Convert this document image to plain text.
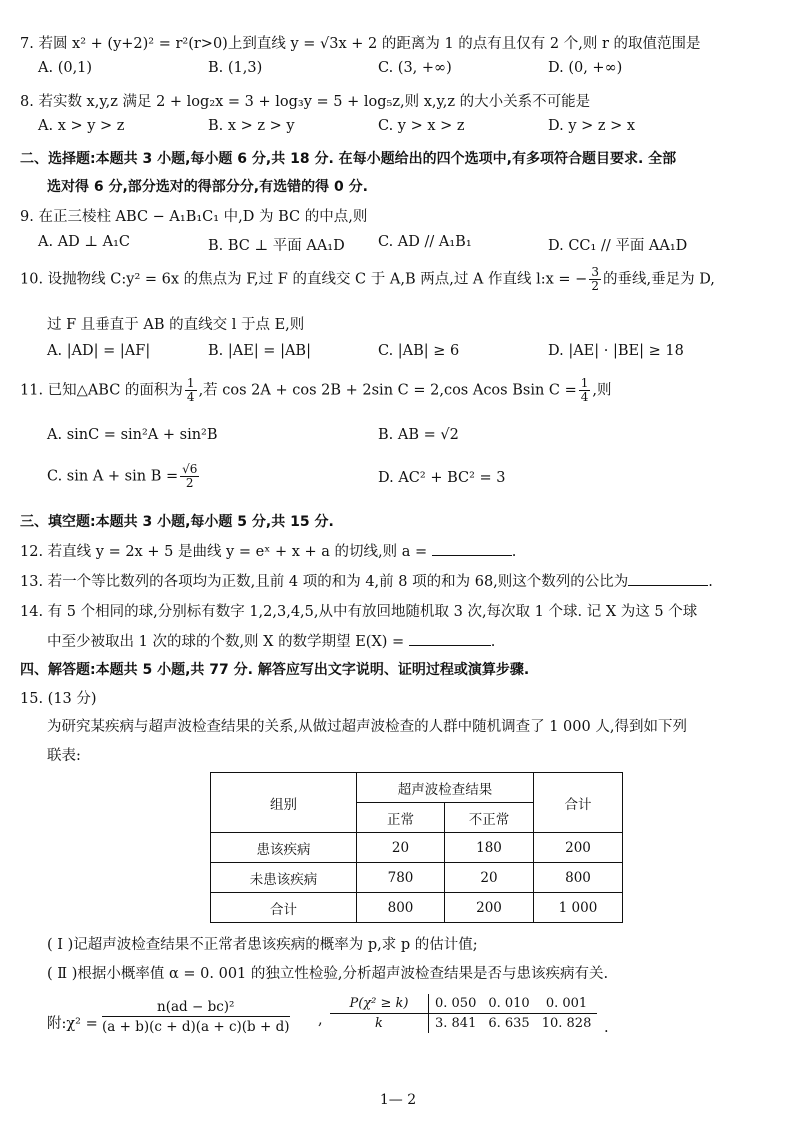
7. 若圆 x² + (y+2)² = r²(r>0)上到直线 y = √3x + 2 的距离为 1 的点有且仅有 2 个,则 r 的取值范围是
A. (0,1)	B. (1,3)	C. (3, +∞)	D. (0, +∞)
8. 若实数 x,y,z 满足 2 + log₂x = 3 + log₃y = 5 + log₅z,则 x,y,z 的大小关系不可能是
A. x > y > z	B. x > z > y	C. y > x > z	D. y > z > x
二、选择题:本题共 3 小题,每小题 6 分,共 18 分. 在每小题给出的四个选项中,有多项符合题目要求. 全部
选对得 6 分,部分选对的得部分分,有选错的得 0 分.
9. 在正三棱柱 ABC − A₁B₁C₁ 中,D 为 BC 的中点,则
A. AD ⊥ A₁C	B. BC ⊥ 平面 AA₁D C. AD // A₁B₁	D. CC₁ // 平面 AA₁D
10. 设抛物线 C:y² = 6x 的焦点为 F,过 F 的直线交 C 于 A,B 两点,过 A 作直线 l:x = − $\frac{3}{2}$ 的垂线,垂足为 D,
过 F 且垂直于 AB 的直线交 l 于点 E,则
A. |AD| = |AF|	B. |AE| = |AB|	C. |AB| ≥ 6	D. |AE| · |BE| ≥ 18
11. 已知△ABC 的面积为 $\frac{1}{4}$ ,若 cos 2A + cos 2B + 2sin C = 2,cos Acos Bsin $C = \frac{1}{4}$ ,则
A. sinC = sin²A + sin²B	B. AB = √2
C. $\sin A + \sin B = \frac{√6}{2}$	D. AC² + BC² = 3
三、填空题:本题共 3 小题,每小题 5 分,共 15 分.
12. 若直线 y = 2x + 5 是曲线 y = eˣ + x + a 的切线,则 a =	.
13. 若一个等比数列的各项均为正数,且前 4 项的和为 4,前 8 项的和为 68,则这个数列的公比为	.
14. 有 5 个相同的球,分别标有数字 1,2,3,4,5,从中有放回地随机取 3 次,每次取 1 个球. 记 X 为这 5 个球
中至少被取出 1 次的球的个数,则 X 的数学期望 E(X) =	.
四、解答题:本题共 5 小题,共 77 分. 解答应写出文字说明、证明过程或演算步骤.
15. (13 分)
为研究某疾病与超声波检查结果的关系,从做过超声波检查的人群中随机调查了 1 000 人,得到如下列
联表:
组别	超声波检查结果		合计
	正常	不正常	
患该疾病	20	180	200
未患该疾病	780	20	800
合计	800	200	1 000
( Ⅰ )记超声波检查结果不正常者患该疾病的概率为 p,求 p 的估计值;
( Ⅱ )根据小概率值 α = 0. 001 的独立性检验,分析超声波检查结果是否与患该疾病有关.
附:χ² = $\frac{\text{n(ad − bc)²}}{(a + b)(c + d)(a + c)(b + d)}$ ,
P(χ² ≥ k)	0. 050	0. 010	0. 001
k	3. 841	6. 635	10. 828 .
1— 2
